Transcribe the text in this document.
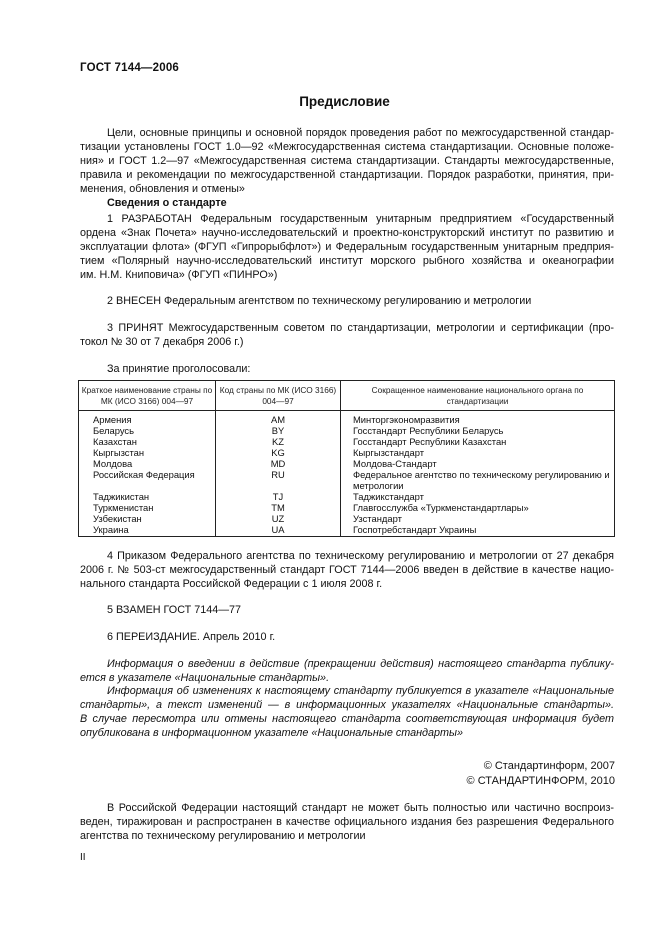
ГОСТ 7144—2006
Предисловие
Цели, основные принципы и основной порядок проведения работ по межгосударственной стандар-
тизации установлены ГОСТ 1.0—92 «Межгосударственная система стандартизации. Основные положе-
ния» и ГОСТ 1.2—97 «Межгосударственная система стандартизации. Стандарты межгосударственные,
правила и рекомендации по межгосударственной стандартизации. Порядок разработки, принятия, при-
менения, обновления и отмены»
Сведения о стандарте
1 РАЗРАБОТАН Федеральным государственным унитарным предприятием «Государственный
ордена «Знак Почета» научно-исследовательский и проектно-конструкторский институт по развитию и
эксплуатации флота» (ФГУП «Гипрорыбфлот») и Федеральным государственным унитарным предприя-
тием «Полярный научно-исследовательский институт морского рыбного хозяйства и океанографии
им. Н.М. Книповича» (ФГУП «ПИНРО»)
2 ВНЕСЕН Федеральным агентством по техническому регулированию и метрологии
3 ПРИНЯТ Межгосударственным советом по стандартизации, метрологии и сертификации (про-
токол № 30 от 7 декабря 2006 г.)
За принятие проголосовали:
Краткое наименование страны по МК (ИСО 3166) 004—97	Код страны по МК (ИСО 3166) 004—97	Сокращенное наименование национального органа по стандартизации
Армения	AM	Минторгэкономразвития
Беларусь	BY	Госстандарт Республики Беларусь
Казахстан	KZ	Госстандарт Республики Казахстан
Кыргызстан	KG	Кыргызстандарт
Молдова	MD	Молдова-Стандарт
Российская Федерация	RU	Федеральное агентство по техническому регулированию и метрологии
Таджикистан	TJ	Таджикстандарт
Туркменистан	TM	Главгосслужба «Туркменстандартлары»
Узбекистан	UZ	Узстандарт
Украина	UA	Госпотребстандарт Украины
4 Приказом Федерального агентства по техническому регулированию и метрологии от 27 декабря
2006 г. № 503-ст межгосударственный стандарт ГОСТ 7144—2006 введен в действие в качестве нацио-
нального стандарта Российской Федерации с 1 июля 2008 г.
5 ВЗАМЕН ГОСТ 7144—77
6 ПЕРЕИЗДАНИЕ. Апрель 2010 г.
Информация о введении в действие (прекращении действия) настоящего стандарта публику-
ется в указателе «Национальные стандарты».
Информация об изменениях к настоящему стандарту публикуется в указателе «Национальные
стандарты», а текст изменений — в информационных указателях «Национальные стандарты».
В случае пересмотра или отмены настоящего стандарта соответствующая информация будет
опубликована в информационном указателе «Национальные стандарты»
© Стандартинформ, 2007
© СТАНДАРТИНФОРМ, 2010
В Российской Федерации настоящий стандарт не может быть полностью или частично воспроиз-
веден, тиражирован и распространен в качестве официального издания без разрешения Федерального
агентства по техническому регулированию и метрологии
II
